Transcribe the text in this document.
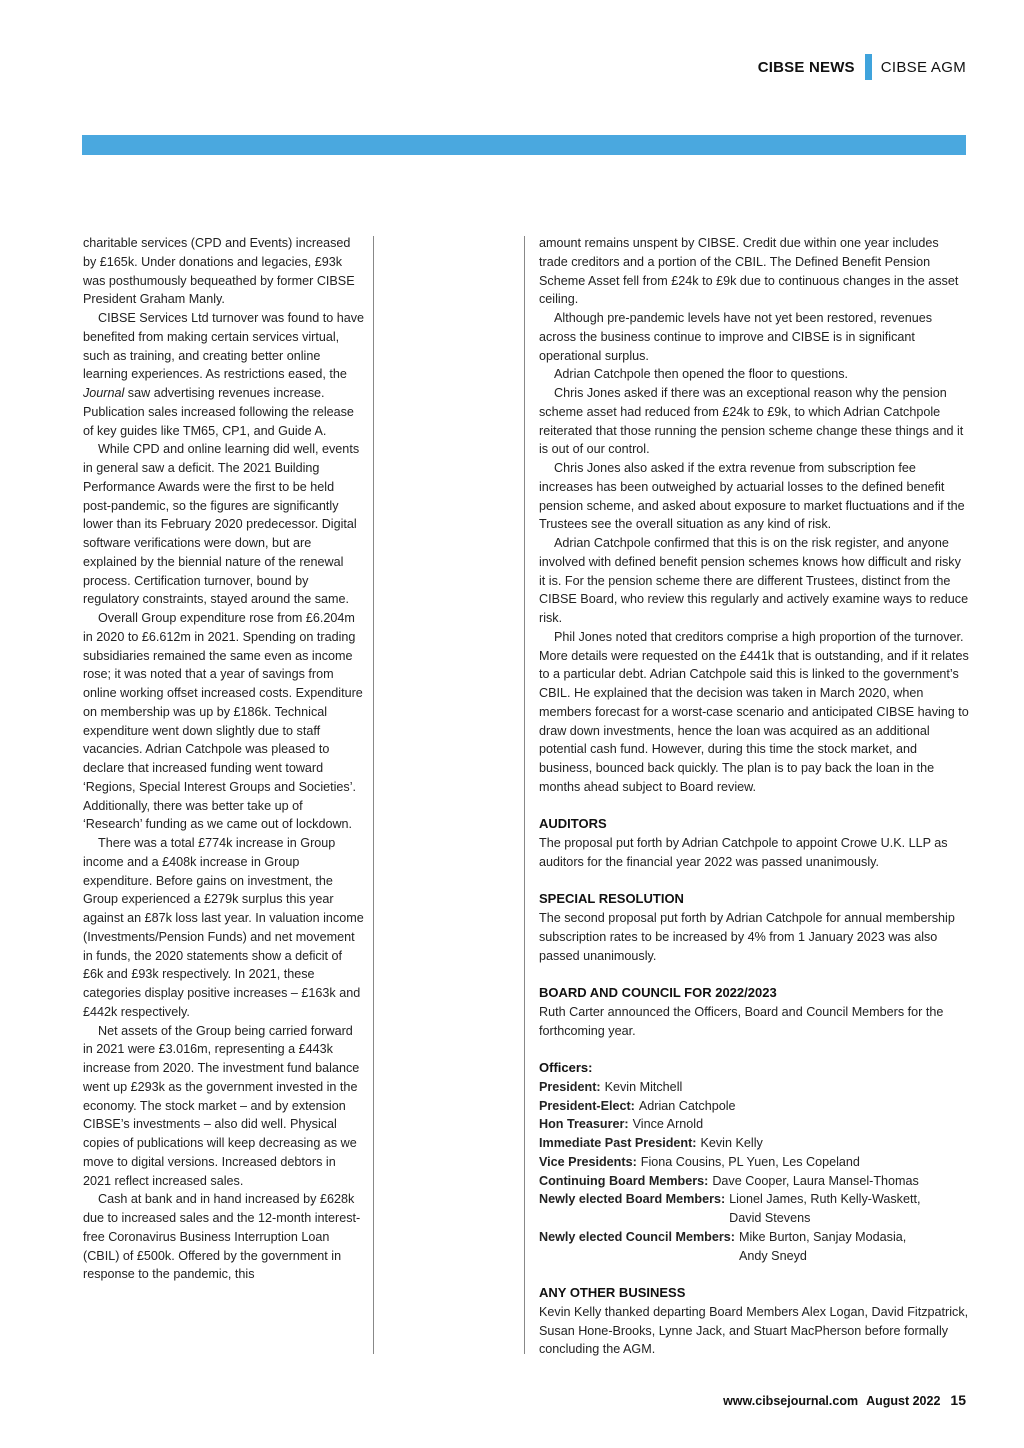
CIBSE NEWS CIBSE AGM

charitable services (CPD and Events) increased by £165k. Under donations and legacies, £93k was posthumously bequeathed by former CIBSE President Graham Manly.

CIBSE Services Ltd turnover was found to have benefited from making certain services virtual, such as training, and creating better online learning experiences. As restrictions eased, the Journal saw advertising revenues increase. Publication sales increased following the release of key guides like TM65, CP1, and Guide A.

While CPD and online learning did well, events in general saw a deficit. The 2021 Building Performance Awards were the first to be held post-pandemic, so the figures are significantly lower than its February 2020 predecessor. Digital software verifications were down, but are explained by the biennial nature of the renewal process. Certification turnover, bound by regulatory constraints, stayed around the same.

Overall Group expenditure rose from £6.204m in 2020 to £6.612m in 2021. Spending on trading subsidiaries remained the same even as income rose; it was noted that a year of savings from online working offset increased costs. Expenditure on membership was up by £186k. Technical expenditure went down slightly due to staff vacancies. Adrian Catchpole was pleased to declare that increased funding went toward ‘Regions, Special Interest Groups and Societies’. Additionally, there was better take up of ‘Research’ funding as we came out of lockdown.

There was a total £774k increase in Group income and a £408k increase in Group expenditure. Before gains on investment, the Group experienced a £279k surplus this year against an £87k loss last year. In valuation income (Investments/Pension Funds) and net movement in funds, the 2020 statements show a deficit of £6k and £93k respectively. In 2021, these categories display positive increases – £163k and £442k respectively.

Net assets of the Group being carried forward in 2021 were £3.016m, representing a £443k increase from 2020. The investment fund balance went up £293k as the government invested in the economy. The stock market – and by extension CIBSE’s investments – also did well. Physical copies of publications will keep decreasing as we move to digital versions. Increased debtors in 2021 reflect increased sales.

Cash at bank and in hand increased by £628k due to increased sales and the 12-month interest-free Coronavirus Business Interruption Loan (CBIL) of £500k. Offered by the government in response to the pandemic, this

amount remains unspent by CIBSE. Credit due within one year includes trade creditors and a portion of the CBIL. The Defined Benefit Pension Scheme Asset fell from £24k to £9k due to continuous changes in the asset ceiling.

Although pre-pandemic levels have not yet been restored, revenues across the business continue to improve and CIBSE is in significant operational surplus.

Adrian Catchpole then opened the floor to questions.

Chris Jones asked if there was an exceptional reason why the pension scheme asset had reduced from £24k to £9k, to which Adrian Catchpole reiterated that those running the pension scheme change these things and it is out of our control.

Chris Jones also asked if the extra revenue from subscription fee increases has been outweighed by actuarial losses to the defined benefit pension scheme, and asked about exposure to market fluctuations and if the Trustees see the overall situation as any kind of risk.

Adrian Catchpole confirmed that this is on the risk register, and anyone involved with defined benefit pension schemes knows how difficult and risky it is. For the pension scheme there are different Trustees, distinct from the CIBSE Board, who review this regularly and actively examine ways to reduce risk.

Phil Jones noted that creditors comprise a high proportion of the turnover. More details were requested on the £441k that is outstanding, and if it relates to a particular debt. Adrian Catchpole said this is linked to the government’s CBIL. He explained that the decision was taken in March 2020, when members forecast for a worst-case scenario and anticipated CIBSE having to draw down investments, hence the loan was acquired as an additional potential cash fund. However, during this time the stock market, and business, bounced back quickly. The plan is to pay back the loan in the months ahead subject to Board review.

AUDITORS

The proposal put forth by Adrian Catchpole to appoint Crowe U.K. LLP as auditors for the financial year 2022 was passed unanimously.

SPECIAL RESOLUTION

The second proposal put forth by Adrian Catchpole for annual membership subscription rates to be increased by 4% from 1 January 2023 was also passed unanimously.

BOARD AND COUNCIL FOR 2022/2023

Ruth Carter announced the Officers, Board and Council Members for the forthcoming year.

Officers:
President: Kevin Mitchell
President-Elect: Adrian Catchpole
Hon Treasurer: Vince Arnold
Immediate Past President: Kevin Kelly
Vice Presidents: Fiona Cousins, PL Yuen, Les Copeland
Continuing Board Members: Dave Cooper, Laura Mansel-Thomas
Newly elected Board Members: Lionel James, Ruth Kelly-Waskett,
David Stevens
Newly elected Council Members: Mike Burton, Sanjay Modasia,
Andy Sneyd
ANY OTHER BUSINESS

Kevin Kelly thanked departing Board Members Alex Logan, David Fitzpatrick, Susan Hone-Brooks, Lynne Jack, and Stuart MacPherson before formally concluding the AGM.

www.cibsejournal.com August 2022 15
